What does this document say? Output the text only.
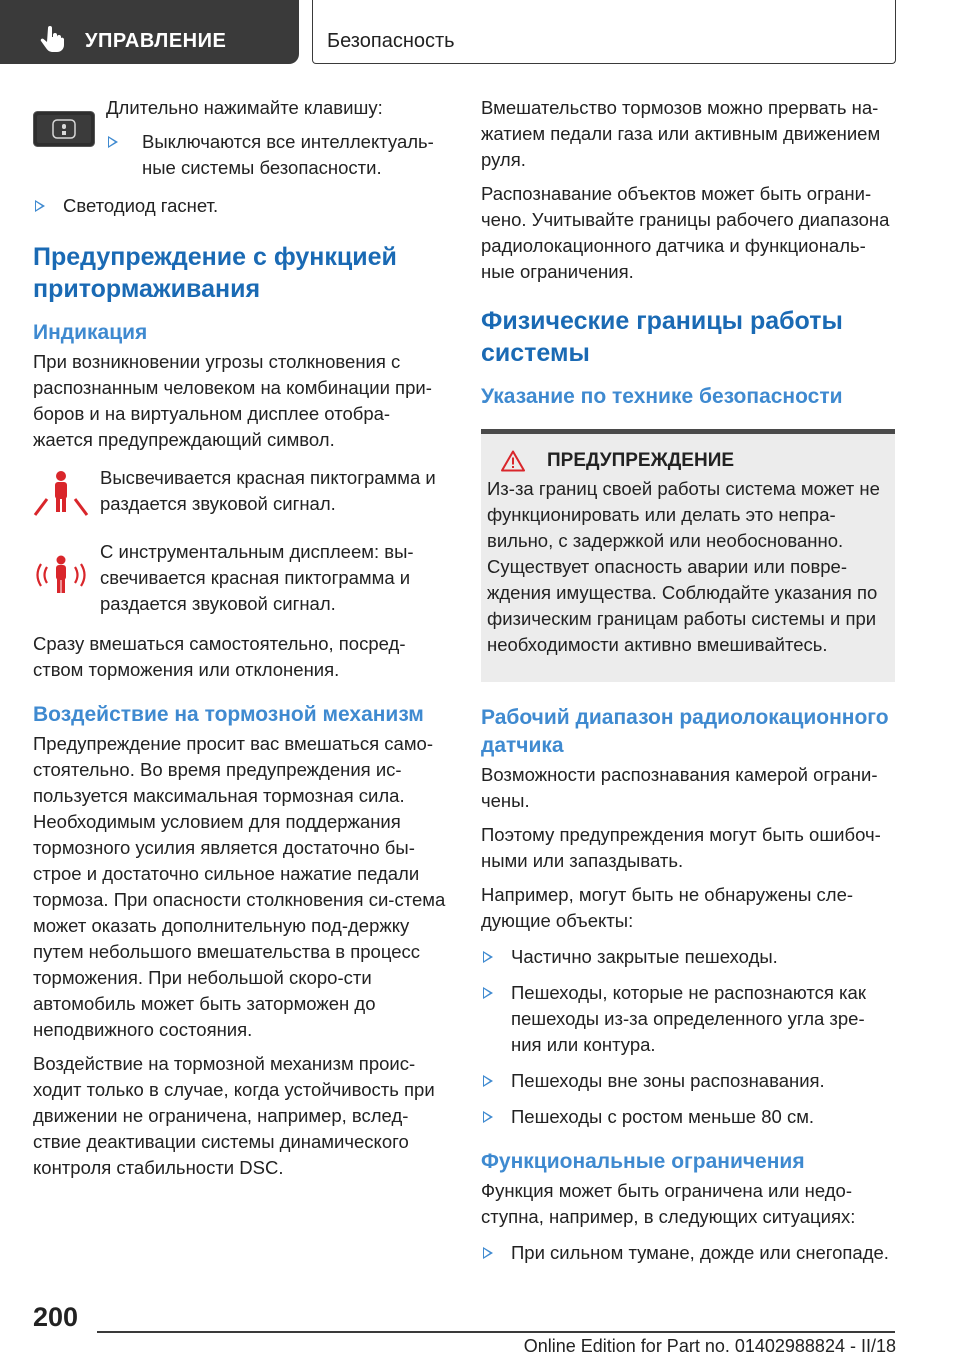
УПРАВЛЕНИЕ	Безопасность

Длительно нажимайте клавишу:

Выключаются все интеллектуаль-ные системы безопасности.
Светодиод гаснет.
Предупреждение с функцией притормаживания
Индикация

При возникновении угрозы столкновения с распознанным человеком на комбинации при-боров и на виртуальном дисплее отобра-жается предупреждающий символ.

Высвечивается красная пиктограмма и раздается звуковой сигнал.

С инструментальным дисплеем: вы-свечивается красная пиктограмма и раздается звуковой сигнал.

Сразу вмешаться самостоятельно, посред-ством торможения или отклонения.

Воздействие на тормозной механизм

Предупреждение просит вас вмешаться само-стоятельно. Во время предупреждения ис-пользуется максимальная тормозная сила. Необходимым условием для поддержания тормозного усилия является достаточно бы-строе и достаточно сильное нажатие педали тормоза. При опасности столкновения си-стема может оказать дополнительную под-держку путем небольшого вмешательства в процесс торможения. При небольшой скоро-сти автомобиль может быть заторможен до неподвижного состояния.

Воздействие на тормозной механизм проис-ходит только в случае, когда устойчивость при движении не ограничена, например, вслед-ствие деактивации системы динамического контроля стабильности DSC.

Вмешательство тормозов можно прервать на-жатием педали газа или активным движением руля.

Распознавание объектов может быть ограни-чено. Учитывайте границы рабочего диапазона радиолокационного датчика и функциональ-ные ограничения.

Физические границы работы системы
Указание по технике безопасности
ПРЕДУПРЕЖДЕНИЕ

Из-за границ своей работы система может не функционировать или делать это непра-вильно, с задержкой или необоснованно. Существует опасность аварии или повре-ждения имущества. Соблюдайте указания по физическим границам работы системы и при необходимости активно вмешивайтесь.

Рабочий диапазон радиолокационного датчика

Возможности распознавания камерой ограни-чены.

Поэтому предупреждения могут быть ошибоч-ными или запаздывать.

Например, могут быть не обнаружены сле-дующие объекты:

Частично закрытые пешеходы.
Пешеходы, которые не распознаются как пешеходы из-за определенного угла зре-ния или контура.
Пешеходы вне зоны распознавания.
Пешеходы с ростом меньше 80 см.
Функциональные ограничения

Функция может быть ограничена или недо-ступна, например, в следующих ситуациях:

При сильном тумане, дожде или снегопаде.
200
Online Edition for Part no. 01402988824 - II/18
